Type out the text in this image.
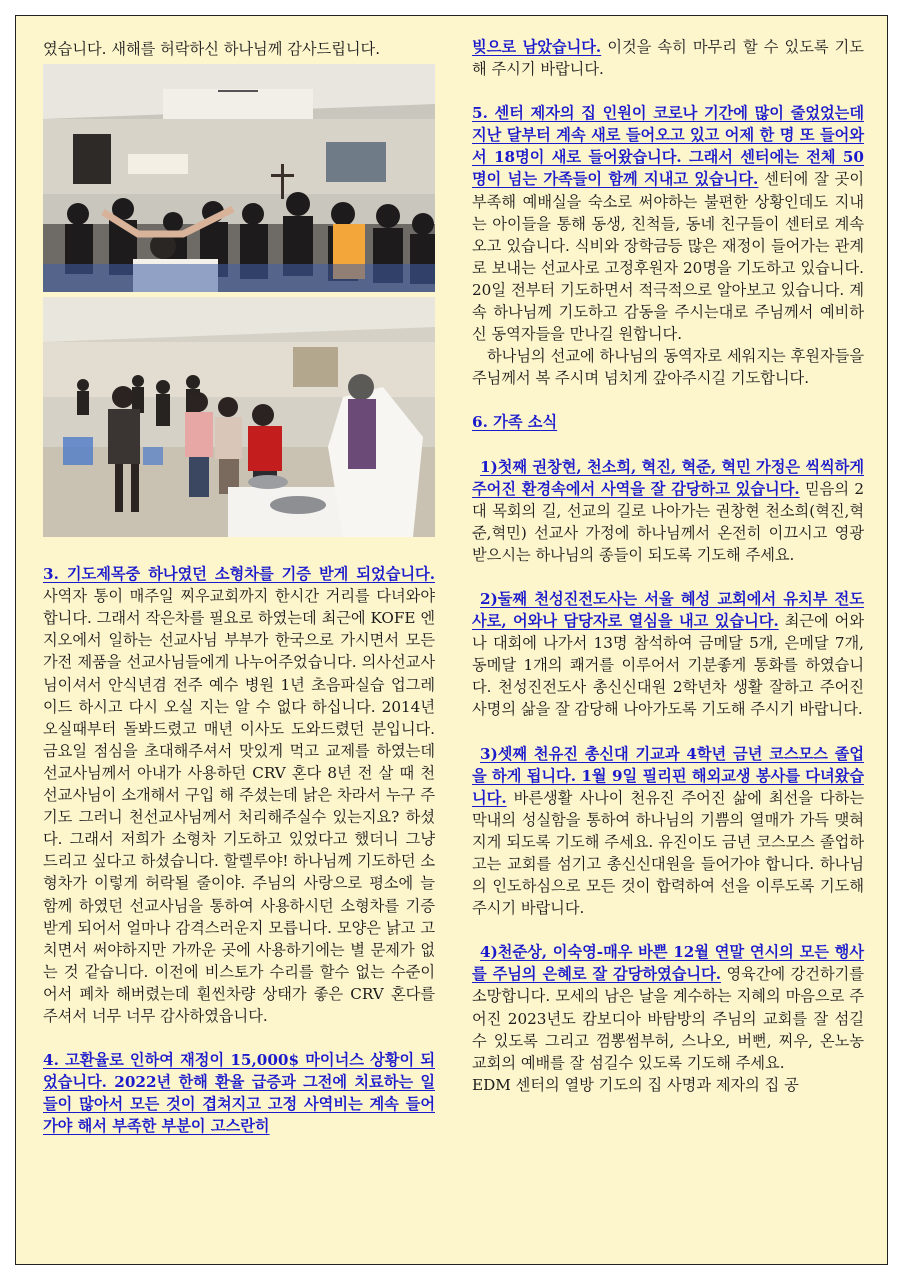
였습니다. 새해를 허락하신 하나님께 감사드립니다.

3. 기도제목중 하나였던 소형차를 기증 받게 되었습니다. 사역자 통이 매주일 찌우교회까지 한시간 거리를 다녀와야 합니다. 그래서 작은차를 필요로 하였는데 최근에 KOFE 엔지오에서 일하는 선교사님 부부가 한국으로 가시면서 모든 가전 제품을 선교사님들에게 나누어주었습니다. 의사선교사님이셔서 안식년겸 전주 예수 병원 1년 초음파실습 업그레이드 하시고 다시 오실 지는 알 수 없다 하십니다. 2014년 오실때부터 돌봐드렸고 매년 이사도 도와드렸던 분입니다. 금요일 점심을 초대해주셔서 맛있게 먹고 교제를 하였는데 선교사님께서 아내가 사용하던 CRV 혼다 8년 전 살 때 천선교사님이 소개해서 구입 해 주셨는데 낡은 차라서 누구 주기도 그러니 천선교사님께서 처리해주실수 있는지요? 하셨다. 그래서 저희가 소형차 기도하고 있었다고 했더니 그냥 드리고 싶다고 하셨습니다. 할렐루야! 하나님께 기도하던 소형차가 이렇게 허락될 줄이야. 주님의 사랑으로 평소에 늘 함께 하였던 선교사님을 통하여 사용하시던 소형차를 기증 받게 되어서 얼마나 감격스러운지 모릅니다. 모양은 낡고 고치면서 써야하지만 가까운 곳에 사용하기에는 별 문제가 없는 것 같습니다. 이전에 비스토가 수리를 할수 없는 수준이어서 폐차 해버렸는데 훤씬차량 상태가 좋은 CRV 혼다를 주셔서 너무 너무 감사하였읍니다.

4. 고환율로 인하여 재정이 15,000$ 마이너스 상황이 되었습니다. 2022년 한해 환율 급증과 그전에 치료하는 일들이 많아서 모든 것이 겹쳐지고 고정 사역비는 계속 들어가야 해서 부족한 부분이 고스란히

빚으로 남았습니다. 이것을 속히 마무리 할 수 있도록 기도해 주시기 바랍니다.

5. 센터 제자의 집 인원이 코로나 기간에 많이 줄었었는데 지난 달부터 계속 새로 들어오고 있고 어제 한 명 또 들어와서 18명이 새로 들어왔습니다. 그래서 센터에는 전체 50명이 넘는 가족들이 함께 지내고 있습니다. 센터에 잘 곳이 부족해 예배실을 숙소로 써야하는 불편한 상황인데도 지내는 아이들을 통해 동생, 친척들, 동네 친구들이 센터로 계속 오고 있습니다. 식비와 장학금등 많은 재정이 들어가는 관계로 보내는 선교사로 고정후원자 20명을 기도하고 있습니다. 20일 전부터 기도하면서 적극적으로 알아보고 있습니다. 계속 하나님께 기도하고 감동을 주시는대로 주님께서 예비하신 동역자들을 만나길 원합니다.

하나님의 선교에 하나님의 동역자로 세워지는 후원자들을 주님께서 복 주시며 넘치게 갚아주시길 기도합니다.

6. 가족 소식

1)첫째 권창현, 천소희, 혁진, 혁준, 혁민 가정은 씩씩하게 주어진 환경속에서 사역을 잘 감당하고 있습니다. 믿음의 2대 목회의 길, 선교의 길로 나아가는 권창현 천소희(혁진,혁준,혁민) 선교사 가정에 하나님께서 온전히 이끄시고 영광 받으시는 하나님의 종들이 되도록 기도해 주세요.

2)둘째 천성진전도사는 서울 혜성 교회에서 유치부 전도사로, 어와나 담당자로 열심을 내고 있습니다. 최근에 어와나 대회에 나가서 13명 참석하여 금메달 5개, 은메달 7개, 동메달 1개의 쾌거를 이루어서 기분좋게 통화를 하였습니다. 천성진전도사 총신신대원 2학년차 생활 잘하고 주어진 사명의 삶을 잘 감당해 나아가도록 기도해 주시기 바랍니다.

3)셋째 천유진 총신대 기교과 4학년 금년 코스모스 졸업을 하게 됩니다. 1월 9일 필리핀 해외교생 봉사를 다녀왔습니다. 바른생활 사나이 천유진 주어진 삶에 최선을 다하는 막내의 성실함을 통하여 하나님의 기쁨의 열매가 가득 맺혀지게 되도록 기도해 주세요. 유진이도 금년 코스모스 졸업하고는 교회를 섬기고 총신신대원을 들어가야 합니다. 하나님의 인도하심으로 모든 것이 합력하여 선을 이루도록 기도해 주시기 바랍니다.

4)천준상, 이숙영-매우 바쁜 12월 연말 연시의 모든 행사를 주님의 은혜로 잘 감당하였습니다. 영육간에 강건하기를 소망합니다. 모세의 남은 날을 계수하는 지혜의 마음으로 주어진 2023년도 캄보디아 바탐방의 주님의 교회를 잘 섬길수 있도록 그리고 껌뽕썸부허, 스나오, 버뻔, 찌우, 온노농 교회의 예배를 잘 섬길수 있도록 기도해 주세요.

EDM 센터의 열방 기도의 집 사명과 제자의 집 공
